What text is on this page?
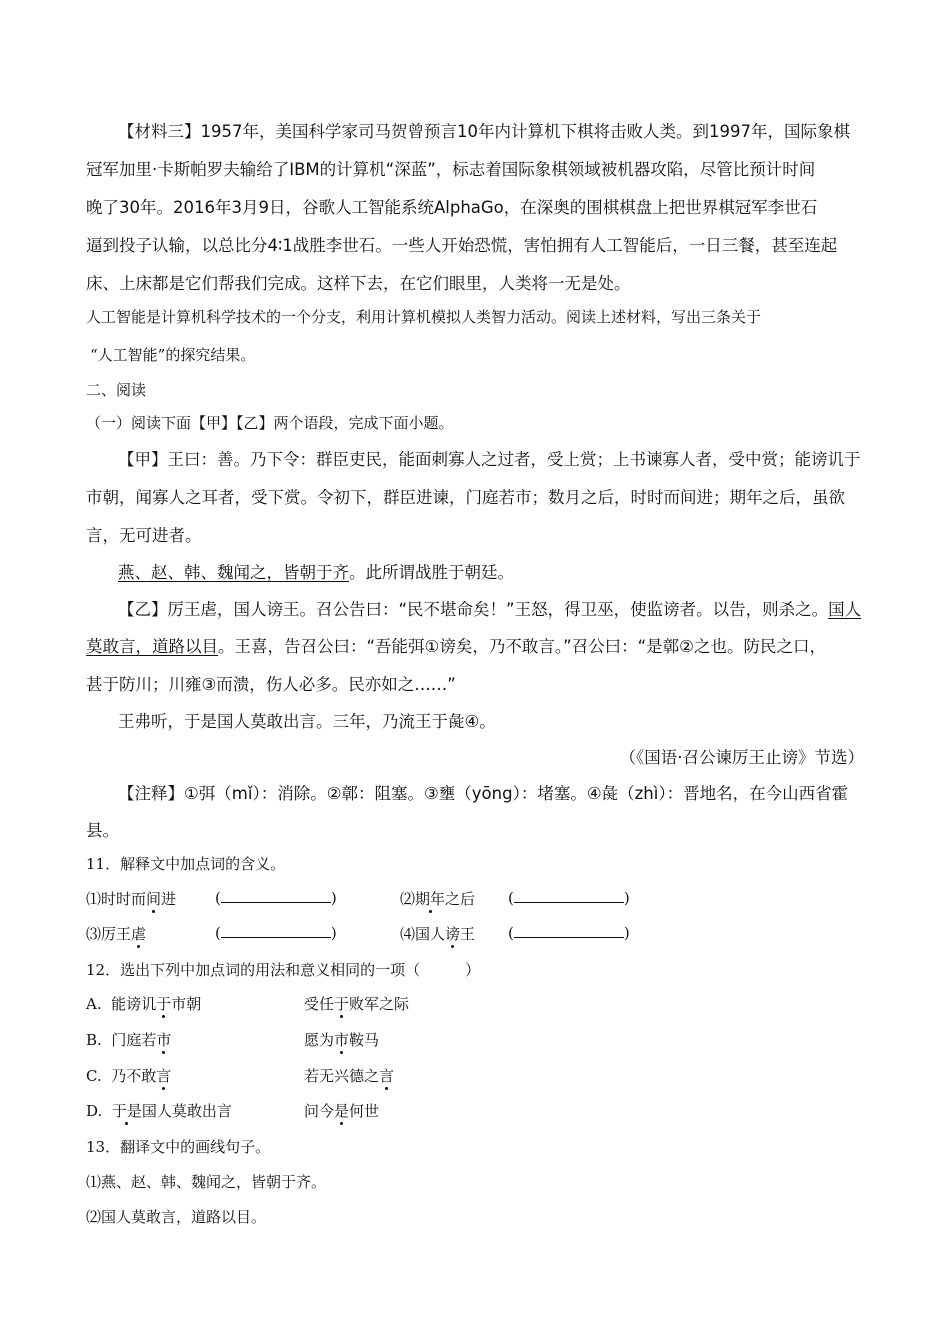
【材料三】1957年，美国科学家司马贺曾预言10年内计算机下棋将击败人类。到1997年，国际象棋

冠军加里·卡斯帕罗夫输给了IBM的计算机“深蓝”，标志着国际象棋领域被机器攻陷，尽管比预计时间

晚了30年。2016年3月9日，谷歌人工智能系统AlphaGo，在深奥的围棋棋盘上把世界棋冠军李世石

逼到投子认输，以总比分4∶1战胜李世石。一些人开始恐慌，害怕拥有人工智能后，一日三餐，甚至连起

床、上床都是它们帮我们完成。这样下去，在它们眼里，人类将一无是处。

人工智能是计算机科学技术的一个分支，利用计算机模拟人类智力活动。阅读上述材料，写出三条关于

“人工智能”的探究结果。

二、阅读

（一）阅读下面【甲】【乙】两个语段，完成下面小题。

【甲】王曰：善。乃下令：群臣吏民，能面刺寡人之过者，受上赏；上书谏寡人者，受中赏；能谤讥于

市朝，闻寡人之耳者，受下赏。令初下，群臣进谏，门庭若市；数月之后，时时而间进；期年之后，虽欲

言，无可进者。

燕、赵、韩、魏闻之，皆朝于齐。此所谓战胜于朝廷。

【乙】厉王虐，国人谤王。召公告曰：“民不堪命矣！”王怒，得卫巫，使监谤者。以告，则杀之。国人

莫敢言，道路以目。王喜，告召公曰：“吾能弭①谤矣，乃不敢言。”召公曰：“是鄣②之也。防民之口，

甚于防川；川雍③而溃，伤人必多。民亦如之……”

王弗听，于是国人莫敢出言。三年，乃流王于彘④。

（《国语·召公谏厉王止谤》节选）

【注释】①弭（mǐ）：消除。②鄣：阻塞。③壅（yōng）：堵塞。④彘（zhì）：晋地名，在今山西省霍

县。

11．解释文中加点词的含义。

⑴时时而间进	(	)	⑵期年之后 (	)

⑶厉王虐	(	)	⑷国人谤王 (	)

12．选出下列中加点词的用法和意义相同的一项（　　　）

A. 能谤讥于市朝	受任于败军之际

B. 门庭若市	愿为市鞍马

C. 乃不敢言	若无兴德之言

D. 于是国人莫敢出言	问今是何世

13．翻译文中的画线句子。

⑴燕、赵、韩、魏闻之，皆朝于齐。

⑵国人莫敢言，道路以目。
